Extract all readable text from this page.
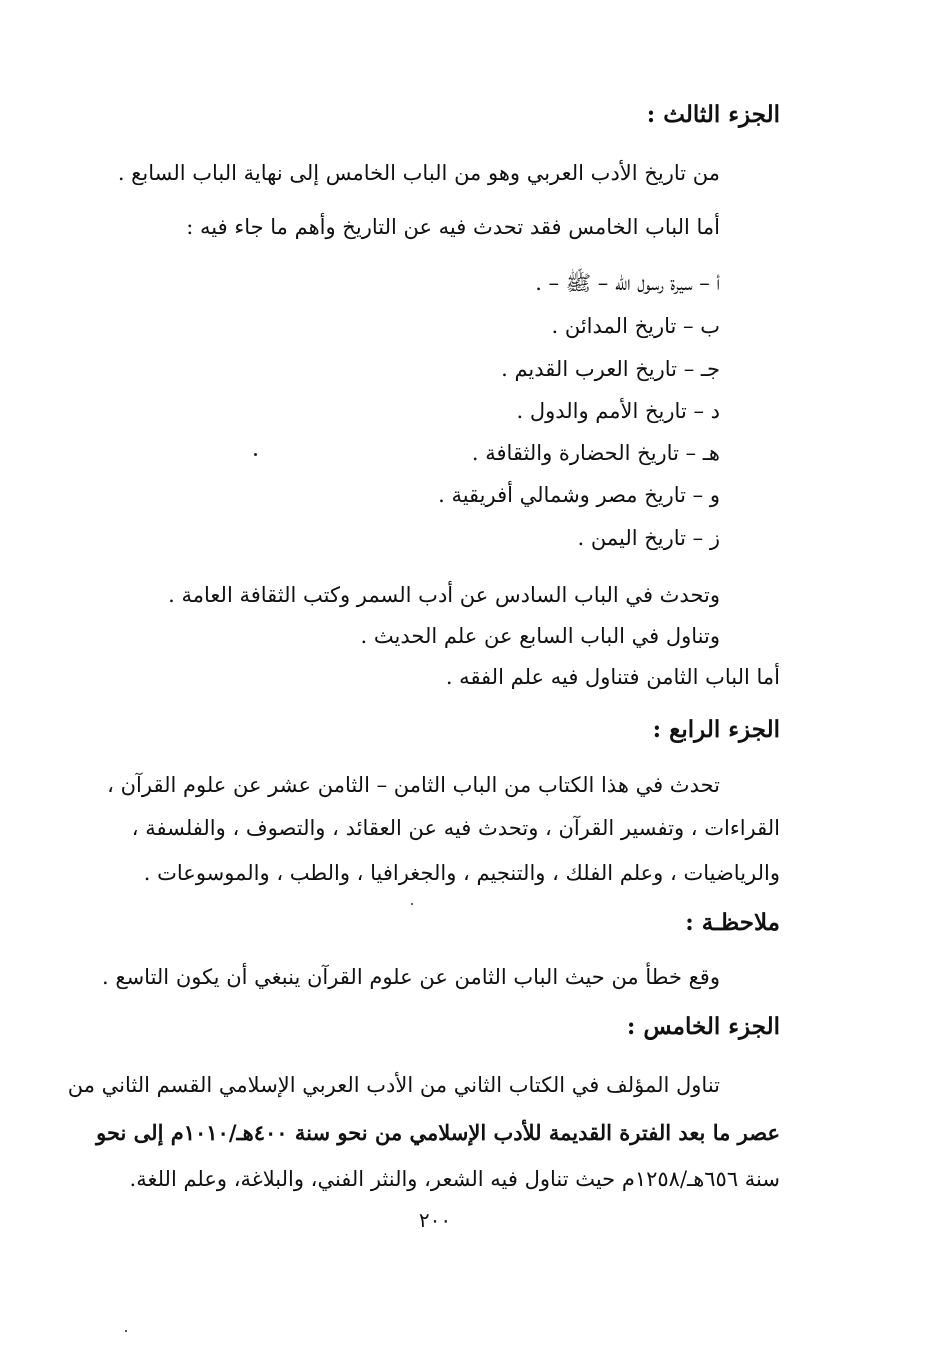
الجزء الثالث :

من تاريخ الأدب العربي وهو من الباب الخامس إلى نهاية الباب السابع .

أما الباب الخامس فقد تحدث فيه عن التاريخ وأهم ما جاء فيه :

أ – سيرة رسول الله – ﷺ – .

ب – تاريخ المدائن .

جـ – تاريخ العرب القديم .

د – تاريخ الأمم والدول .

هـ – تاريخ الحضارة والثقافة .

و – تاريخ مصر وشمالي أفريقية .

ز – تاريخ اليمن .

وتحدث في الباب السادس عن أدب السمر وكتب الثقافة العامة .

وتناول في الباب السابع عن علم الحديث .

أما الباب الثامن فتناول فيه علم الفقه .

الجزء الرابع :

تحدث في هذا الكتاب من الباب الثامن – الثامن عشر عن علوم القرآن ،

القراءات ، وتفسير القرآن ، وتحدث فيه عن العقائد ، والتصوف ، والفلسفة ،

والرياضيات ، وعلم الفلك ، والتنجيم ، والجغرافيا ، والطب ، والموسوعات .

ملاحظـة :

وقع خطأ من حيث الباب الثامن عن علوم القرآن ينبغي أن يكون التاسع .

الجزء الخامس :

تناول المؤلف في الكتاب الثاني من الأدب العربي الإسلامي القسم الثاني من

عصر ما بعد الفترة القديمة للأدب الإسلامي من نحو سنة ٤٠٠هـ/١٠١٠م إلى نحو

سنة ٦٥٦هـ/١٢٥٨م حيث تناول فيه الشعر، والنثر الفني، والبلاغة، وعلم اللغة.

٢٠٠
